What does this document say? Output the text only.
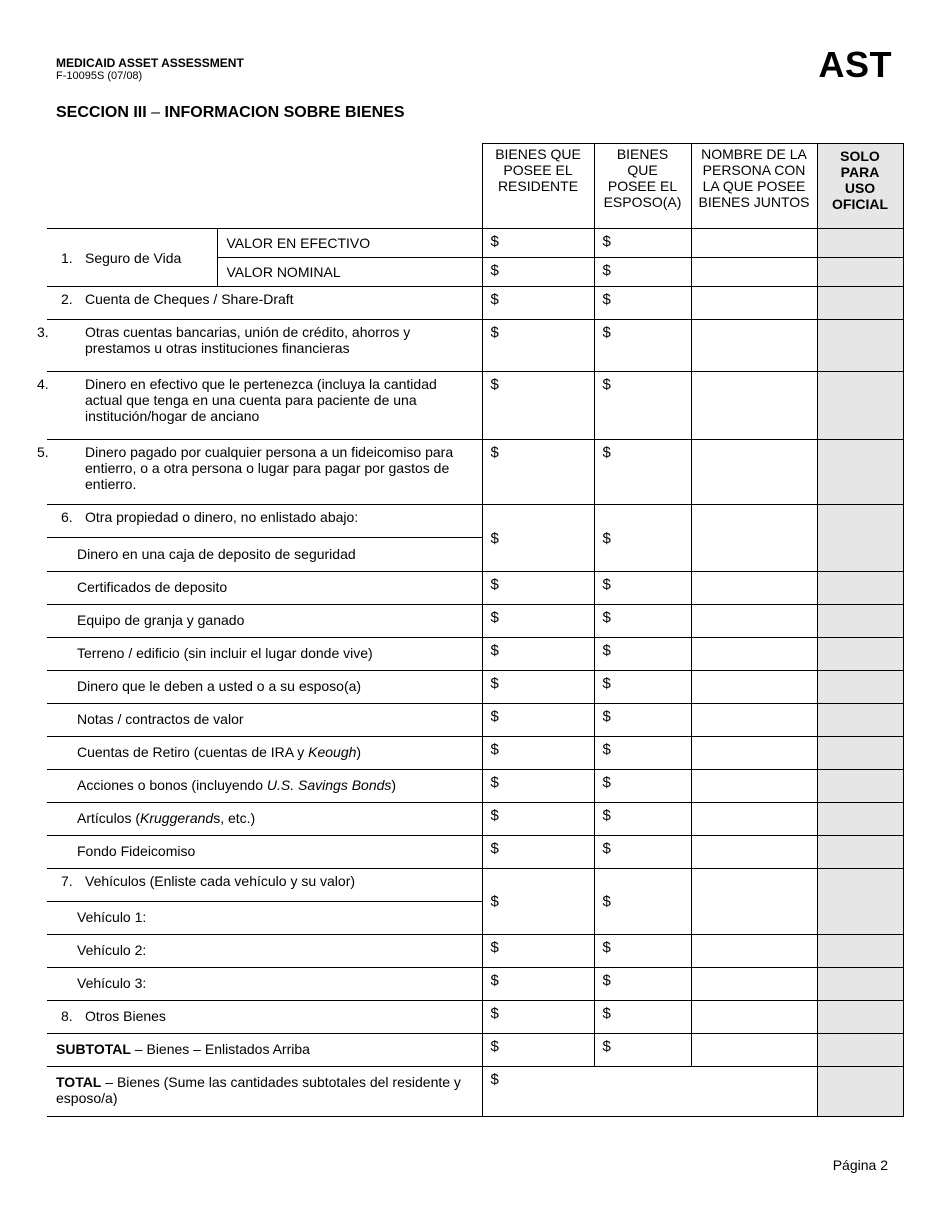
MEDICAID ASSET ASSESSMENT
F-10095S (07/08)	AST
SECCION III – INFORMACION SOBRE BIENES
		BIENES QUE POSEE EL RESIDENTE	BIENES QUE POSEE EL ESPOSO(A)	NOMBRE DE LA PERSONA CON LA QUE POSEE BIENES JUNTOS	SOLO PARA USO OFICIAL
1. Seguro de Vida	VALOR EN EFECTIVO	$	$		
	VALOR NOMINAL	$	$		
2. Cuenta de Cheques / Share-Draft		$	$		
3. Otras cuentas bancarias, unión de crédito, ahorros y prestamos u otras instituciones financieras		$	$		
4. Dinero en efectivo que le pertenezca (incluya la cantidad actual que tenga en una cuenta para paciente de una institución/hogar de anciano		$	$		
5. Dinero pagado por cualquier persona a un fideicomiso para entierro, o a otra persona o lugar para pagar por gastos de entierro.		$	$		
6. Otra propiedad o dinero, no enlistado abajo:		$	$		
Dinero en una caja de deposito de seguridad					
Certificados de deposito		$	$		
Equipo de granja y ganado		$	$		
Terreno / edificio (sin incluir el lugar donde vive)		$	$		
Dinero que le deben a usted o a su esposo(a)		$	$		
Notas / contractos de valor		$	$		
Cuentas de Retiro (cuentas de IRA y Keough)		$	$		
Acciones o bonos (incluyendo U.S. Savings Bonds)		$	$		
Artículos (Kruggerands, etc.)		$	$		
Fondo Fideicomiso		$	$		
7. Vehículos (Enliste cada vehículo y su valor)		$	$		
Vehículo 1:					
Vehículo 2:		$	$		
Vehículo 3:		$	$		
8. Otros Bienes		$	$		
SUBTOTAL – Bienes – Enlistados Arriba		$	$		
TOTAL – Bienes (Sume las cantidades subtotales del residente y esposo/a)		$			
Página 2
